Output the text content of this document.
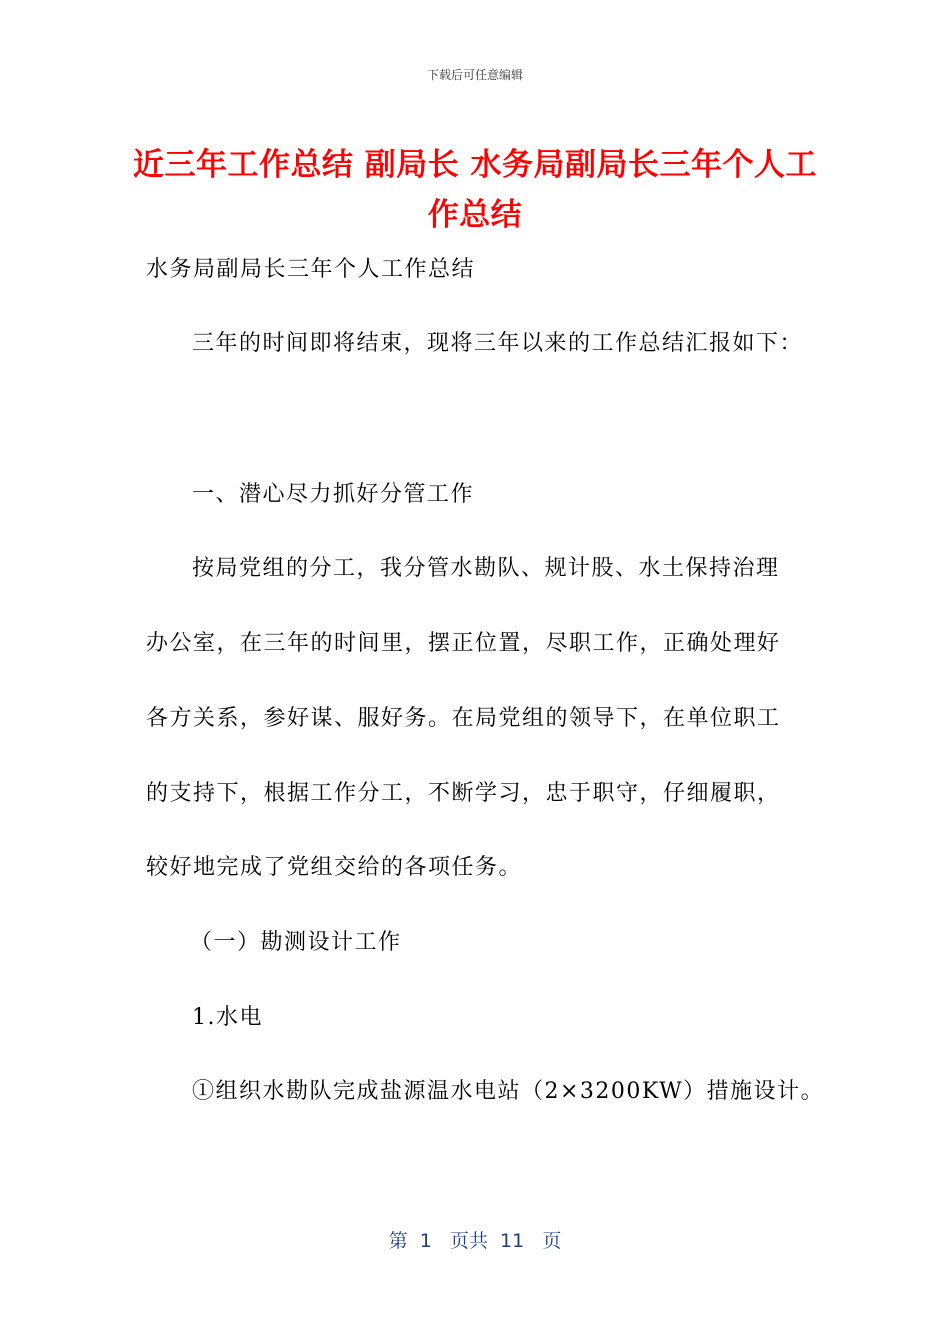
下载后可任意编辑
近三年工作总结 副局长 水务局副局长三年个人工作总结
水务局副局长三年个人工作总结
三年的时间即将结束，现将三年以来的工作总结汇报如下：
一、潜心尽力抓好分管工作
按局党组的分工，我分管水勘队、规计股、水土保持治理
办公室，在三年的时间里，摆正位置，尽职工作，正确处理好
各方关系，参好谋、服好务。在局党组的领导下，在单位职工
的支持下，根据工作分工，不断学习，忠于职守，仔细履职，
较好地完成了党组交给的各项任务。
（一）勘测设计工作
1.水电
①组织水勘队完成盐源温水电站（2×3200KW）措施设计。
第  1   页共  11   页
